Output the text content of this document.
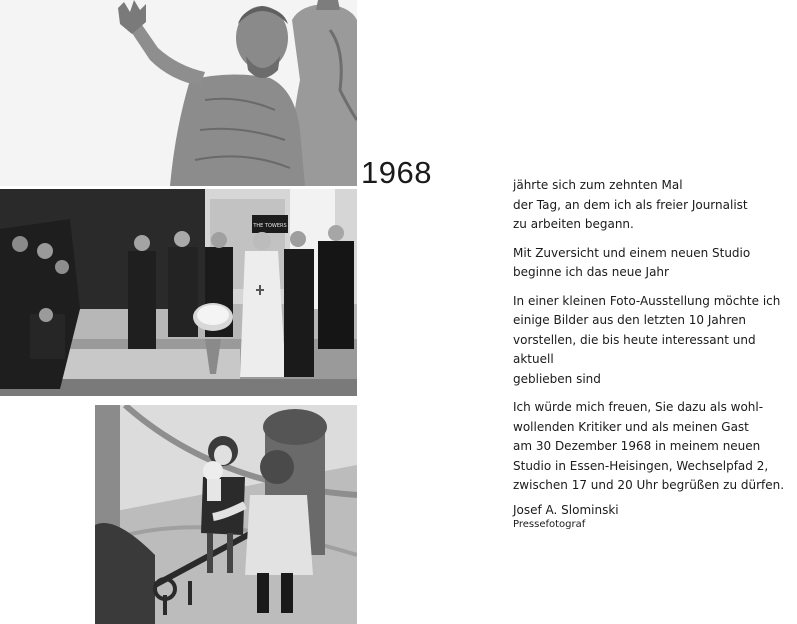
1968
THE TOWERS

jährte sich zum zehnten Mal
der Tag, an dem ich als freier Journalist
zu arbeiten begann.

Mit Zuversicht und einem neuen Studio
beginne ich das neue Jahr

In einer kleinen Foto-Ausstellung möchte ich
einige Bilder aus den letzten 10 Jahren
vorstellen, die bis heute interessant und aktuell
geblieben sind

Ich würde mich freuen, Sie dazu als wohl-
wollenden Kritiker und als meinen Gast
am 30 Dezember 1968 in meinem neuen
Studio in Essen-Heisingen, Wechselpfad 2,
zwischen 17 und 20 Uhr begrüßen zu dürfen.

Josef A. Slominski
Pressefotograf
